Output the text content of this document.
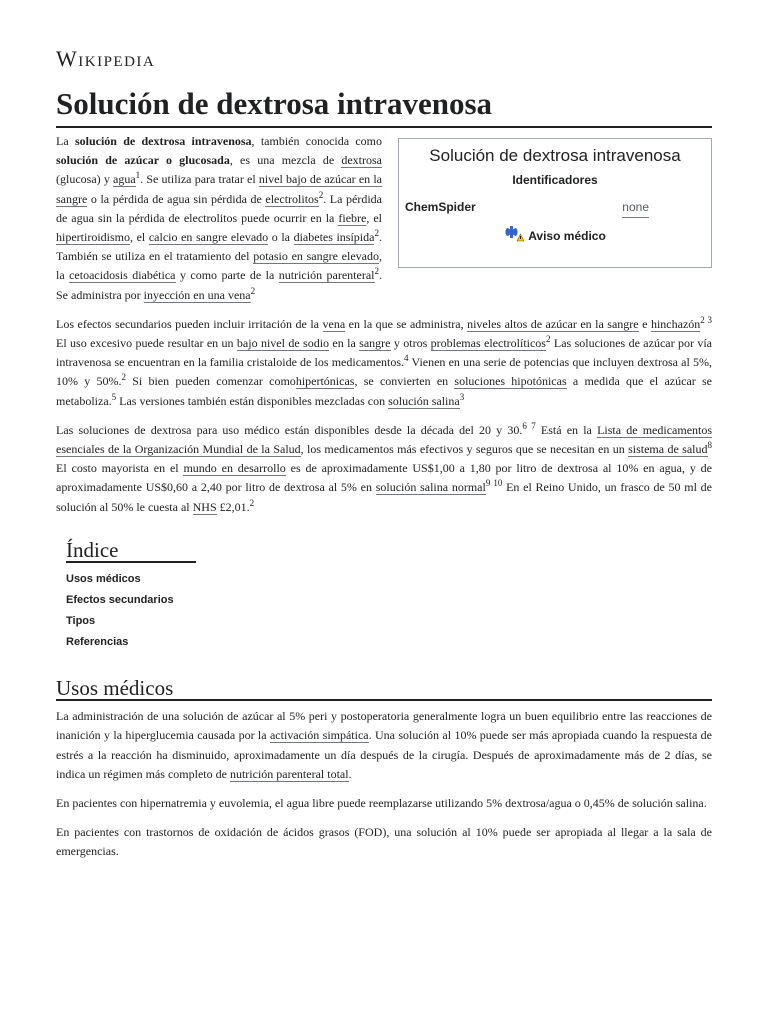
Wikipedia
Solución de dextrosa intravenosa
Solución de dextrosa intravenosa
Identificadores
ChemSpider	none
Aviso médico

La solución de dextrosa intravenosa, también conocida como solución de azúcar o glucosada, es una mezcla de dextrosa (glucosa) y agua$^1$. Se utiliza para tratar el nivel bajo de azúcar en la sangre o la pérdida de agua sin pérdida de electrolitos$^2$. La pérdida de agua sin la pérdida de electrolitos puede ocurrir en la fiebre, el hipertiroidismo, el calcio en sangre elevado o la diabetes insípida$^2$. También se utiliza en el tratamiento del potasio en sangre elevado, la cetoacidosis diabética y como parte de la nutrición parenteral$^2$. Se administra por inyección en una vena$^2$

Los efectos secundarios pueden incluir irritación de la vena en la que se administra, niveles altos de azúcar en la sangre e hinchazón$^{2 3}$ El uso excesivo puede resultar en un bajo nivel de sodio en la sangre y otros problemas electrolíticos$^2$ Las soluciones de azúcar por vía intravenosa se encuentran en la familia cristaloide de los medicamentos.$^4$ Vienen en una serie de potencias que incluyen dextrosa al 5%, 10% y 50%.$^2$ Si bien pueden comenzar comohipertónicas, se convierten en soluciones hipotónicas a medida que el azúcar se metaboliza.$^5$ Las versiones también están disponibles mezcladas con solución salina$^3$

Las soluciones de dextrosa para uso médico están disponibles desde la década del 20 y 30.$^{6 7}$ Está en la Lista de medicamentos esenciales de la Organización Mundial de la Salud, los medicamentos más efectivos y seguros que se necesitan en un sistema de salud$^8$ El costo mayorista en el mundo en desarrollo es de aproximadamente US$1,00 a 1,80 por litro de dextrosa al 10% en agua, y de aproximadamente US$0,60 a 2,40 por litro de dextrosa al 5% en solución salina normal$^{9 10}$ En el Reino Unido, un frasco de 50 ml de solución al 50% le cuesta al NHS £2,01.$^2$

Índice
Usos médicos
Efectos secundarios
Tipos
Referencias
Usos médicos

La administración de una solución de azúcar al 5% peri y postoperatoria generalmente logra un buen equilibrio entre las reacciones de inanición y la hiperglucemia causada por la activación simpática. Una solución al 10% puede ser más apropiada cuando la respuesta de estrés a la reacción ha disminuido, aproximadamente un día después de la cirugía. Después de aproximadamente más de 2 días, se indica un régimen más completo de nutrición parenteral total.

En pacientes con hipernatremia y euvolemia, el agua libre puede reemplazarse utilizando 5% dextrosa/agua o 0,45% de solución salina.

En pacientes con trastornos de oxidación de ácidos grasos (FOD), una solución al 10% puede ser apropiada al llegar a la sala de emergencias.
